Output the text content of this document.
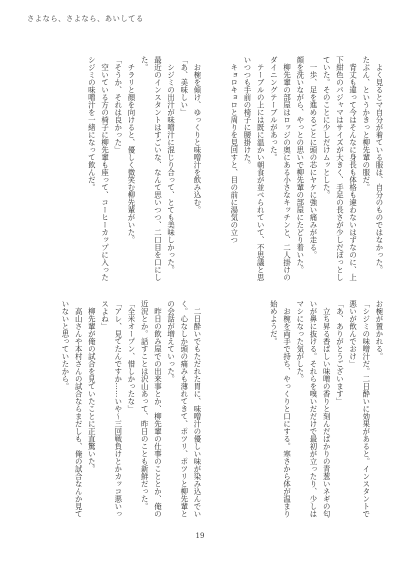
さよなら、さよなら、あいしてる

　よく見るとマ自分が着ている服は、自分のものではなかった。

たぶん、というかきっと柳先輩の服だ。

　背丈も違って今はそんなに身長も体格も違わないはずなのに、上下紺色のパジャマはサイズが大きく、手足の長さが少しだぼっとしていた。そのことに少しだけムッとした。

　一歩、足を進めるごとに頭の芯にヤケに強い痛みが走る。

顔を洗いながら、やっとの思いで柳先輩の部屋にたどり着いた。

　柳先輩の部屋はロッジの奥にある小さなキッチンと、二人掛けのダイニングテーブルがあった。

　テーブルの上には既に温かい朝食が並べられていて、不思議と思いつつも手前の椅子に腰掛けた。

　キョロキョロと周りを見回すと、目の前に湯気の立つ

お椀が置かれる。

「シジミの味噌汁だ。二日酔いに効果があると。インスタントで悪いが飲んでおけ」

「あ、ありがとうございます」

　立ち昇る香ばしい味噌の香りと刻んだばかりの青葱いネギの匂いが鼻に抜ける。それらを嗅いだだけで最初が立ったり、少しはマシになった気がした。

　お椀を両手で持ち、やっくりと口にする。寒さから体が温まり始めようだ。

　お椀を傾け、ゆっくりと味噌汁を飲み込む。

「あ、美味しい」

　シジミの出汁が味噌汁に混じり合って、とても美味しかった。

最近のインスタントはすごいな、なんて思いつつ、二口目を口にした。

　チラリと顔を向けると、優しく微笑む柳先輩がいた。

「そうか、それは良かった」

　空いている方の椅子に柳先輩も座って、コーヒーカップに入ったシジミの味噌汁を一緒になって飲んだ。

　二日酔いでもただれた胃に、味噌汁の優しい味が染み込んでいく。心なしか頭の痛みも薄れてきて、ポツリ、ポツリと柳先輩との会話が増えていった。

　昨日の飲み屋での出来事とか、柳先輩の仕事のこととか、俺の近況とか。話すことは沢山あって、昨日のことも新鮮だった。

「全米オープン、惜しかったな」

「アレ、見てたんですか……いや～三回戦負けとかカッコ悪いっスよね」

　柳先輩が俺の試合を見ていたことに正直驚いた。

　高山さんや本村さんの試合ならまだしも、俺の試合なんか見ていないと思っていたから。

19
